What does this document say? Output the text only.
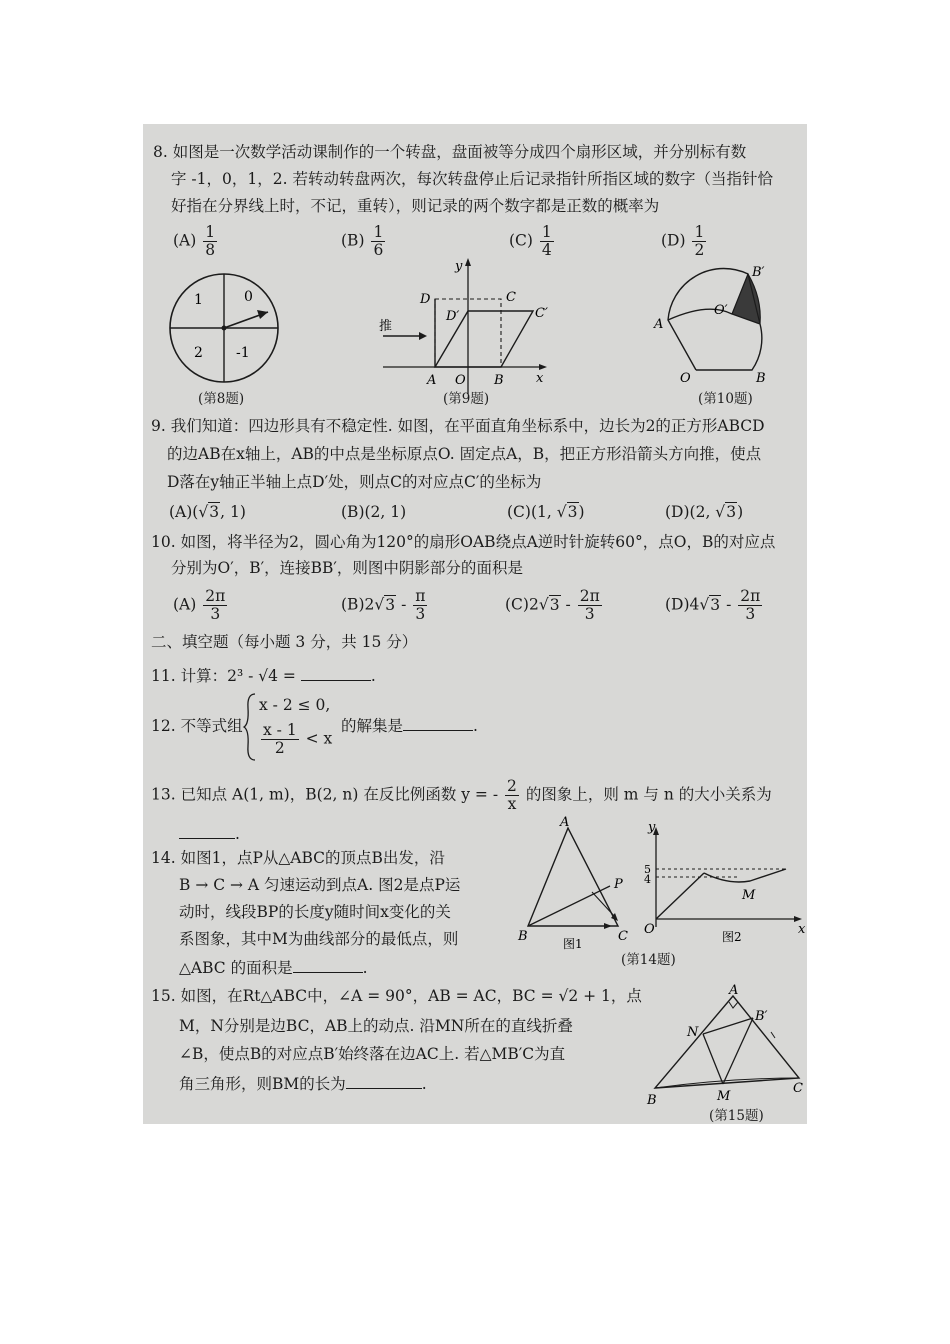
8. 如图是一次数学活动课制作的一个转盘，盘面被等分成四个扇形区域，并分别标有数
字 -1，0，1，2. 若转动转盘两次，每次转盘停止后记录指针所指区域的数字（当指针恰
好指在分界线上时，不记，重转），则记录的两个数字都是正数的概率为
$(A) \frac{1}{8}$	$(B) \frac{1}{6}$	$(C) \frac{1}{4}$	$(D) \frac{1}{2}$
1	0
2 -1
(第8题)
y
x
D	C
D′	C′
推
A O B
(第9题)
B′
O′
A
O	B
(第10题)
9. 我们知道：四边形具有不稳定性. 如图，在平面直角坐标系中，边长为2的正方形ABCD
的边AB在x轴上，AB的中点是坐标原点O. 固定点A，B，把正方形沿箭头方向推，使点
D落在y轴正半轴上点D′处，则点C的对应点C′的坐标为
(A)(√3, 1)	(B)(2, 1)	(C)(1, √3)	(D)(2, √3)
10. 如图，将半径为2，圆心角为120°的扇形OAB绕点A逆时针旋转60°，点O，B的对应点
分别为O′，B′，连接BB′，则图中阴影部分的面积是
$(A) \frac{2\pi}{3}$	$(B)2√3 - \frac{\pi}{3}$	$(C)2√3 - \frac{2\pi}{3}$	$(D)4√3 - \frac{2\pi}{3}$
二、填空题（每小题 3 分，共 15 分）
11. 计算：2³ - √4 =	.
12. 不等式组
x - 2 ≤ 0,
$\frac{x - 1}{2} < x$
的解集是	.
13. 已知点 A(1, m)，B(2, n) 在反比例函数 y = - $\frac{2}{x}$ 的图象上，则 m 与 n 的大小关系为
.
14. 如图1，点P从△ABC的顶点B出发，沿
B → C → A 匀速运动到点A. 图2是点P运
动时，线段BP的长度y随时间x变化的关
系图象，其中M为曲线部分的最低点，则
△ABC 的面积是	.
A
B	C
P
图1
5
4
y
x
O
M
图2
(第14题)
15. 如图，在Rt△ABC中，∠A = 90°，AB = AC，BC = √2 + 1，点
M，N分别是边BC，AB上的动点. 沿MN所在的直线折叠
∠B，使点B的对应点B′始终落在边AC上. 若△MB′C为直
角三角形，则BM的长为	.
A
B′
N
B	M
C
(第15题)
